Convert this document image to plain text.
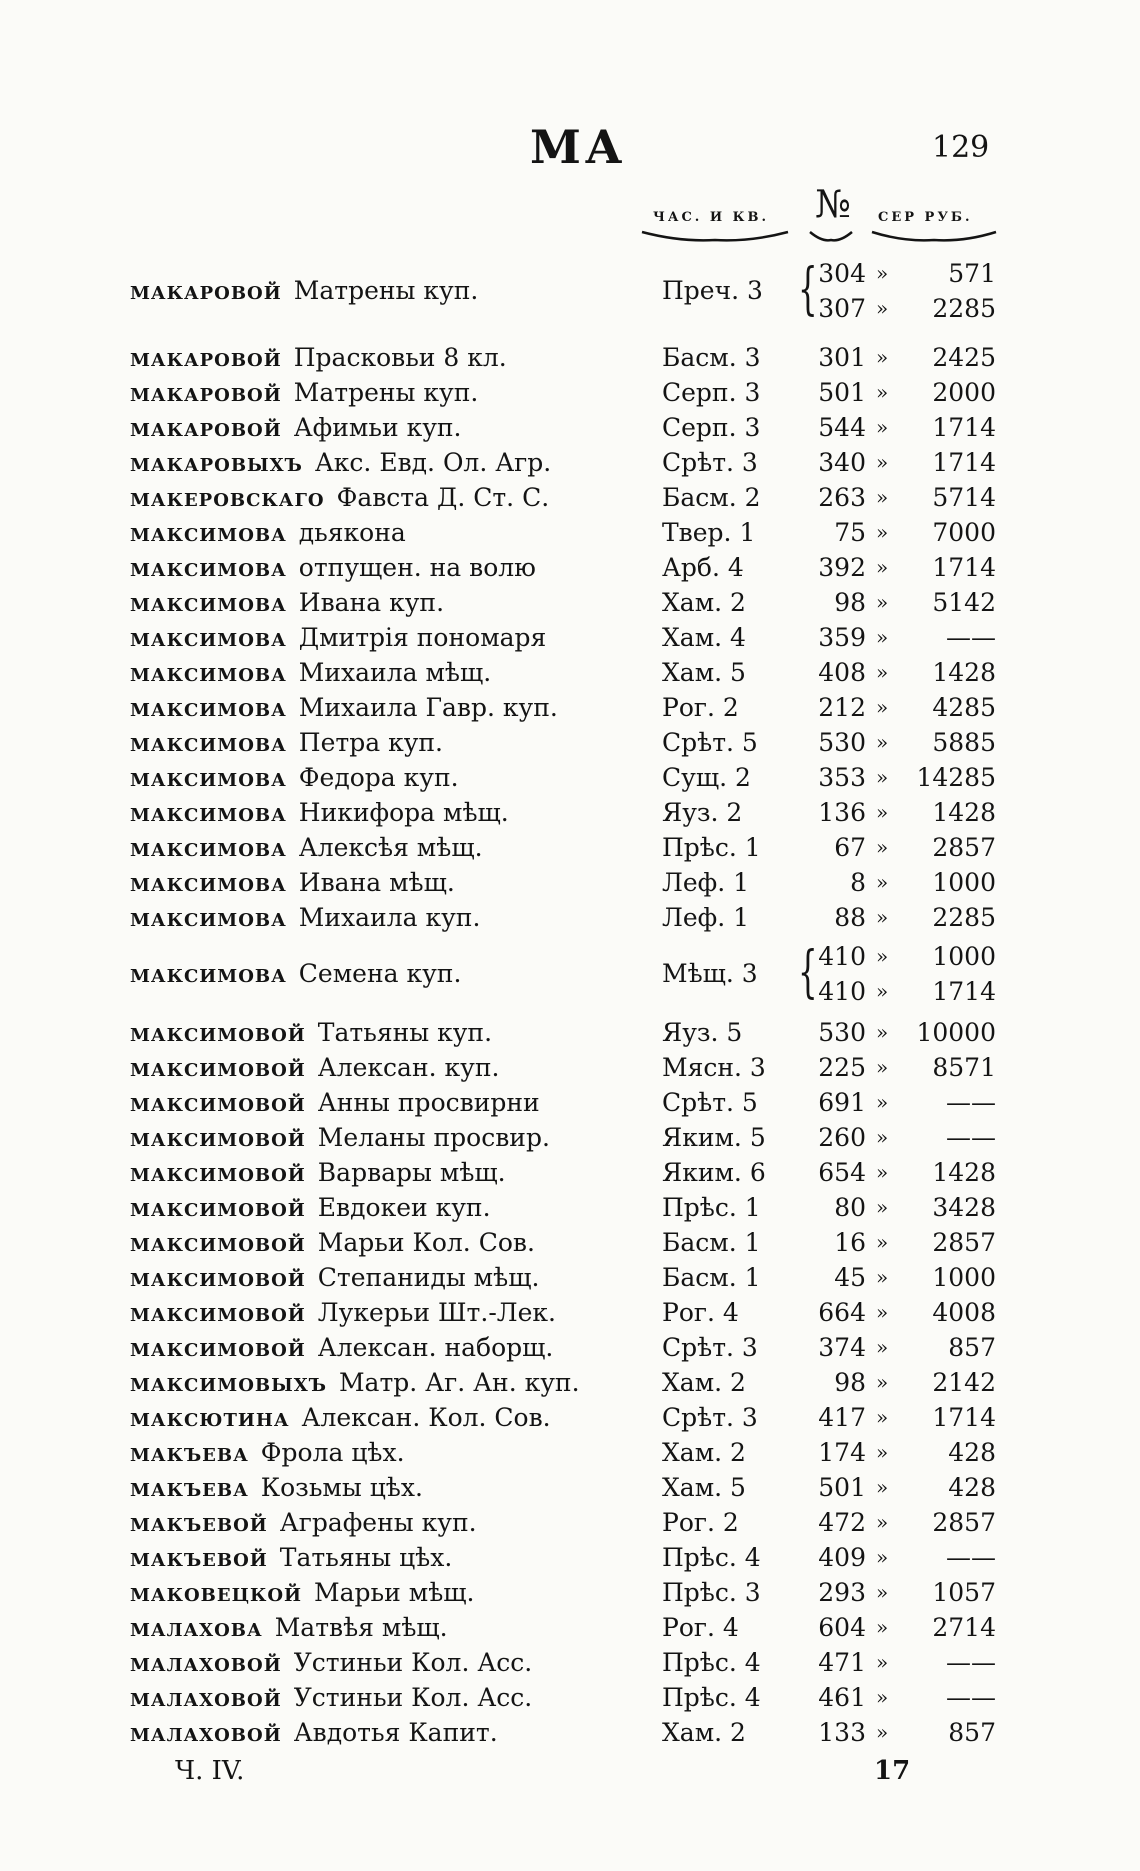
МА	129
ЧАС. И КВ. № СЕР РУБ.
макаровой Матрены куп.	Преч. 3 { 304 »	571
307 »	2285
макаровой Прасковьи 8 кл.	Басм. 3	301 »	2425
макаровой Матрены куп.	Серп. 3	501 »	2000
макаровой Афимьи куп.	Серп. 3	544 »	1714
макаровыхъ Акс. Евд. Ол. Агр.	Срѣт. 3	340 »	1714
макеровскаго Фавста Д. Ст. С.	Басм. 2	263 »	5714
максимова дьякона	Твер. 1	75 »	7000
максимова отпущен. на волю	Арб. 4	392 »	1714
максимова Ивана куп.	Хам. 2	98 »	5142
максимова Дмитрія пономаря	Хам. 4	359 »	——
максимова Михаила мѣщ.	Хам. 5	408 »	1428
максимова Михаила Гавр. куп.	Рог. 2	212 »	4285
максимова Петра куп.	Срѣт. 5	530 »	5885
максимова Федора куп.	Сущ. 2	353 »	14285
максимова Никифора мѣщ.	Яуз. 2	136 »	1428
максимова Алексѣя мѣщ.	Прѣс. 1	67 »	2857
максимова Ивана мѣщ.	Леф. 1	8 »	1000
максимова Михаила куп.	Леф. 1	88 »	2285
максимова Семена куп.	Мѣщ. 3 { 410 »	1000
410 »	1714
максимовой Татьяны куп.	Яуз. 5	530 »	10000
максимовой Алексан. куп.	Мясн. 3	225 »	8571
максимовой Анны просвирни	Срѣт. 5	691 »	——
максимовой Меланы просвир.	Яким. 5	260 »	——
максимовой Варвары мѣщ.	Яким. 6	654 »	1428
максимовой Евдокеи куп.	Прѣс. 1	80 »	3428
максимовой Марьи Кол. Сов.	Басм. 1	16 »	2857
максимовой Степаниды мѣщ.	Басм. 1	45 »	1000
максимовой Лукерьи Шт.-Лек.	Рог. 4	664 »	4008
максимовой Алексан. наборщ.	Срѣт. 3	374 »	857
максимовыхъ Матр. Аг. Ан. куп.	Хам. 2	98 »	2142
максютина Алексан. Кол. Сов.	Срѣт. 3	417 »	1714
макъева Фрола цѣх.	Хам. 2	174 »	428
макъева Козьмы цѣх.	Хам. 5	501 »	428
макъевой Аграфены куп.	Рог. 2	472 »	2857
макъевой Татьяны цѣх.	Прѣс. 4	409 »	——
маковецкой Марьи мѣщ.	Прѣс. 3	293 »	1057
малахова Матвѣя мѣщ.	Рог. 4	604 »	2714
малаховой Устиньи Кол. Асс.	Прѣс. 4	471 »	——
малаховой Устиньи Кол. Асс.	Прѣс. 4	461 »	——
малаховой Авдотья Капит.	Хам. 2	133 »	857
Ч. IV.	17
